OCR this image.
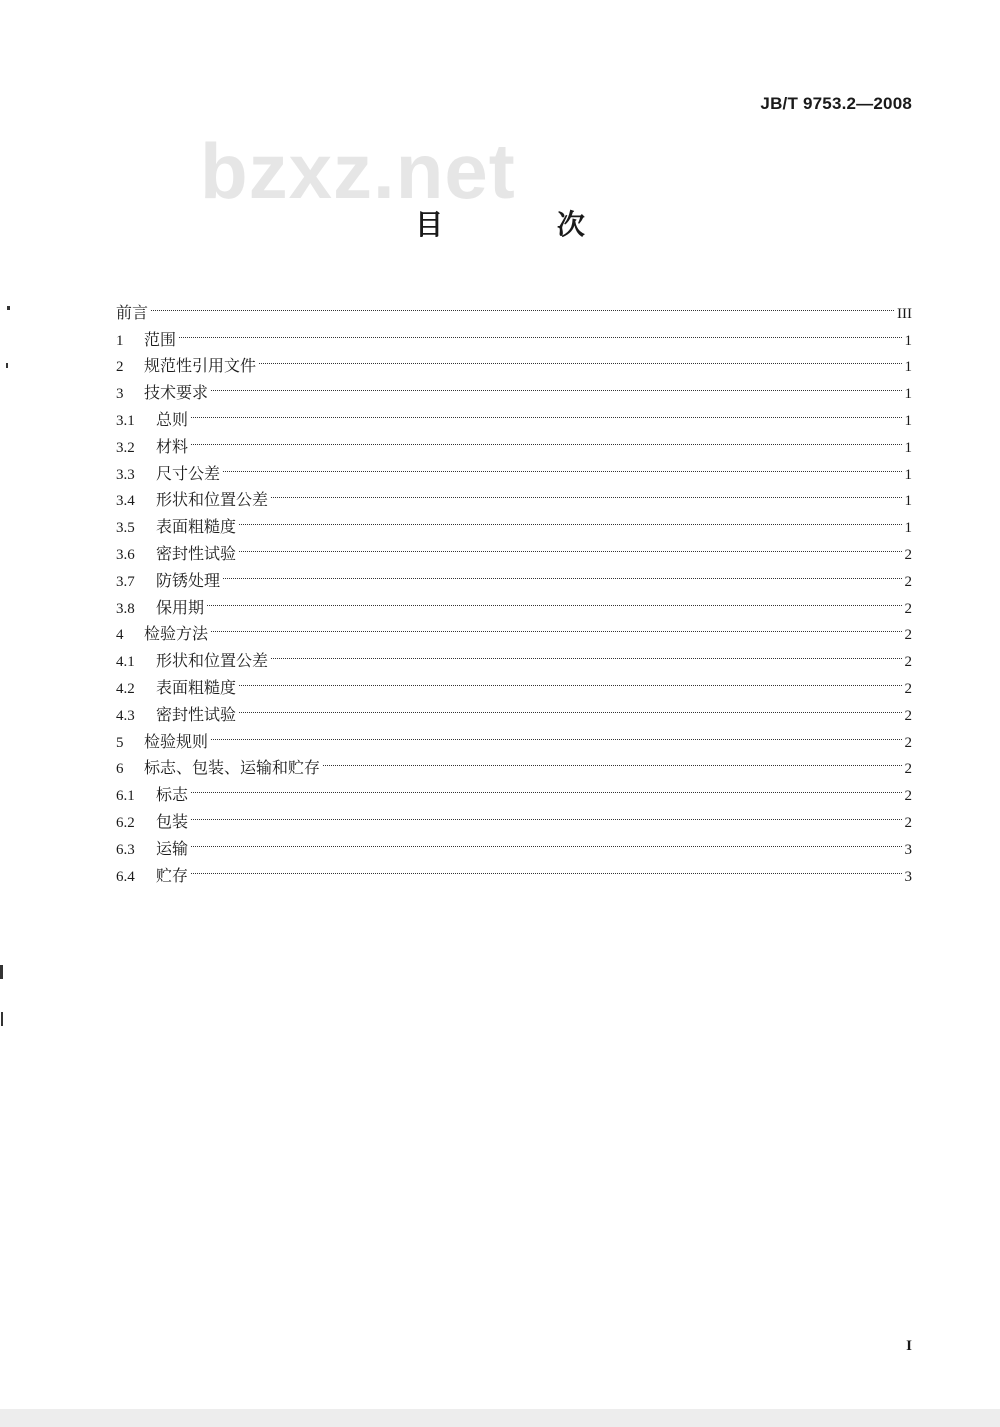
JB/T 9753.2—2008
bzxz.net
目 次
前言	III
1	范围	1
2	规范性引用文件	1
3	技术要求	1
3.1	总则	1
3.2	材料	1
3.3	尺寸公差	1
3.4	形状和位置公差	1
3.5	表面粗糙度	1
3.6	密封性试验	2
3.7	防锈处理	2
3.8	保用期	2
4	检验方法	2
4.1	形状和位置公差	2
4.2	表面粗糙度	2
4.3	密封性试验	2
5	检验规则	2
6	标志、包装、运输和贮存	2
6.1	标志	2
6.2	包装	2
6.3	运输	3
6.4	贮存	3
I
